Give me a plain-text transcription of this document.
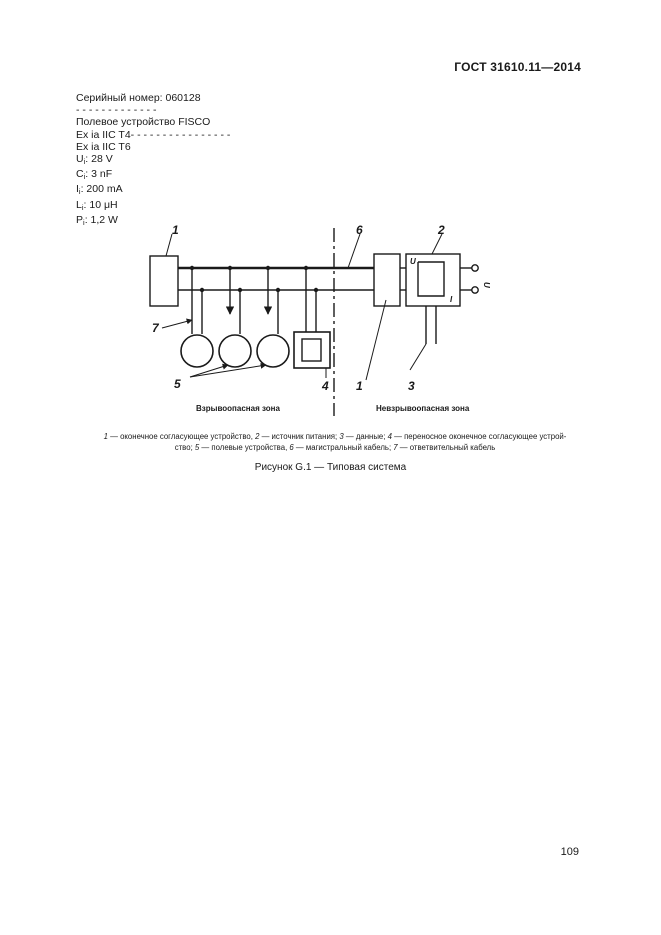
ГОСТ 31610.11—2014
Серийный номер: 060128
- - - - - - - - - - - - -
Полевое устройство FISCO
Ex ia IIC T4- - - - - - - - - - - - - - - -
Ex ia IIC T6
$U_i$: 28 V
$C_i$: 3 nF
$I_i$: 200 mA
$L_i$: 10 μH
$P_i$: 1,2 W
1	6	2
7
5	4 1	3
U
I
U
Взрывоопасная зона	Невзрывоопасная зона
1 — оконечное согласующее устройство, 2 — источник питания; 3 — данные; 4 — переносное оконечное согласующее устрой-
ство; 5 — полевые устройства, 6 — магистральный кабель; 7 — ответвительный кабель
Рисунок G.1 — Типовая система
109
